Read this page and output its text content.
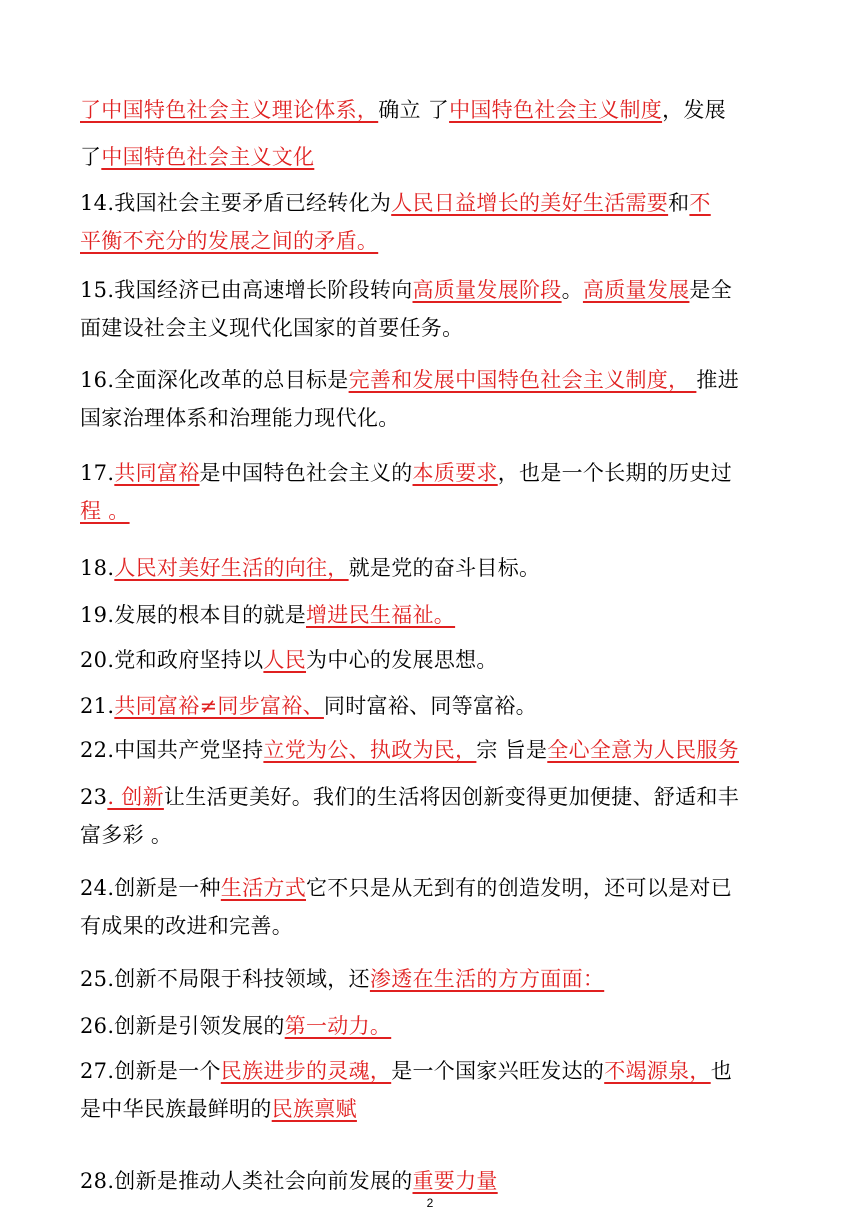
了中国特色社会主义理论体系，确立 了中国特色社会主义制度，发展
了中国特色社会主义文化
14.我国社会主要矛盾已经转化为人民日益增长的美好生活需要和不
平衡不充分的发展之间的矛盾。
15.我国经济已由高速增长阶段转向高质量发展阶段。高质量发展是全
面建设社会主义现代化国家的首要任务。
16.全面深化改革的总目标是完善和发展中国特色社会主义制度， 推进
国家治理体系和治理能力现代化。
17.共同富裕是中国特色社会主义的本质要求，也是一个长期的历史过
程 。
18.人民对美好生活的向往，就是党的奋斗目标。
19.发展的根本目的就是增进民生福祉。
20.党和政府坚持以人民为中心的发展思想。
21.共同富裕≠同步富裕、同时富裕、同等富裕。
22.中国共产党坚持立党为公、执政为民，宗 旨是全心全意为人民服务
23. 创新让生活更美好。我们的生活将因创新变得更加便捷、舒适和丰
富多彩 。
24.创新是一种生活方式它不只是从无到有的创造发明，还可以是对已
有成果的改进和完善。
25.创新不局限于科技领域，还渗透在生活的方方面面：
26.创新是引领发展的第一动力。
27.创新是一个民族进步的灵魂，是一个国家兴旺发达的不竭源泉，也
是中华民族最鲜明的民族禀赋
28.创新是推动人类社会向前发展的重要力量
2
